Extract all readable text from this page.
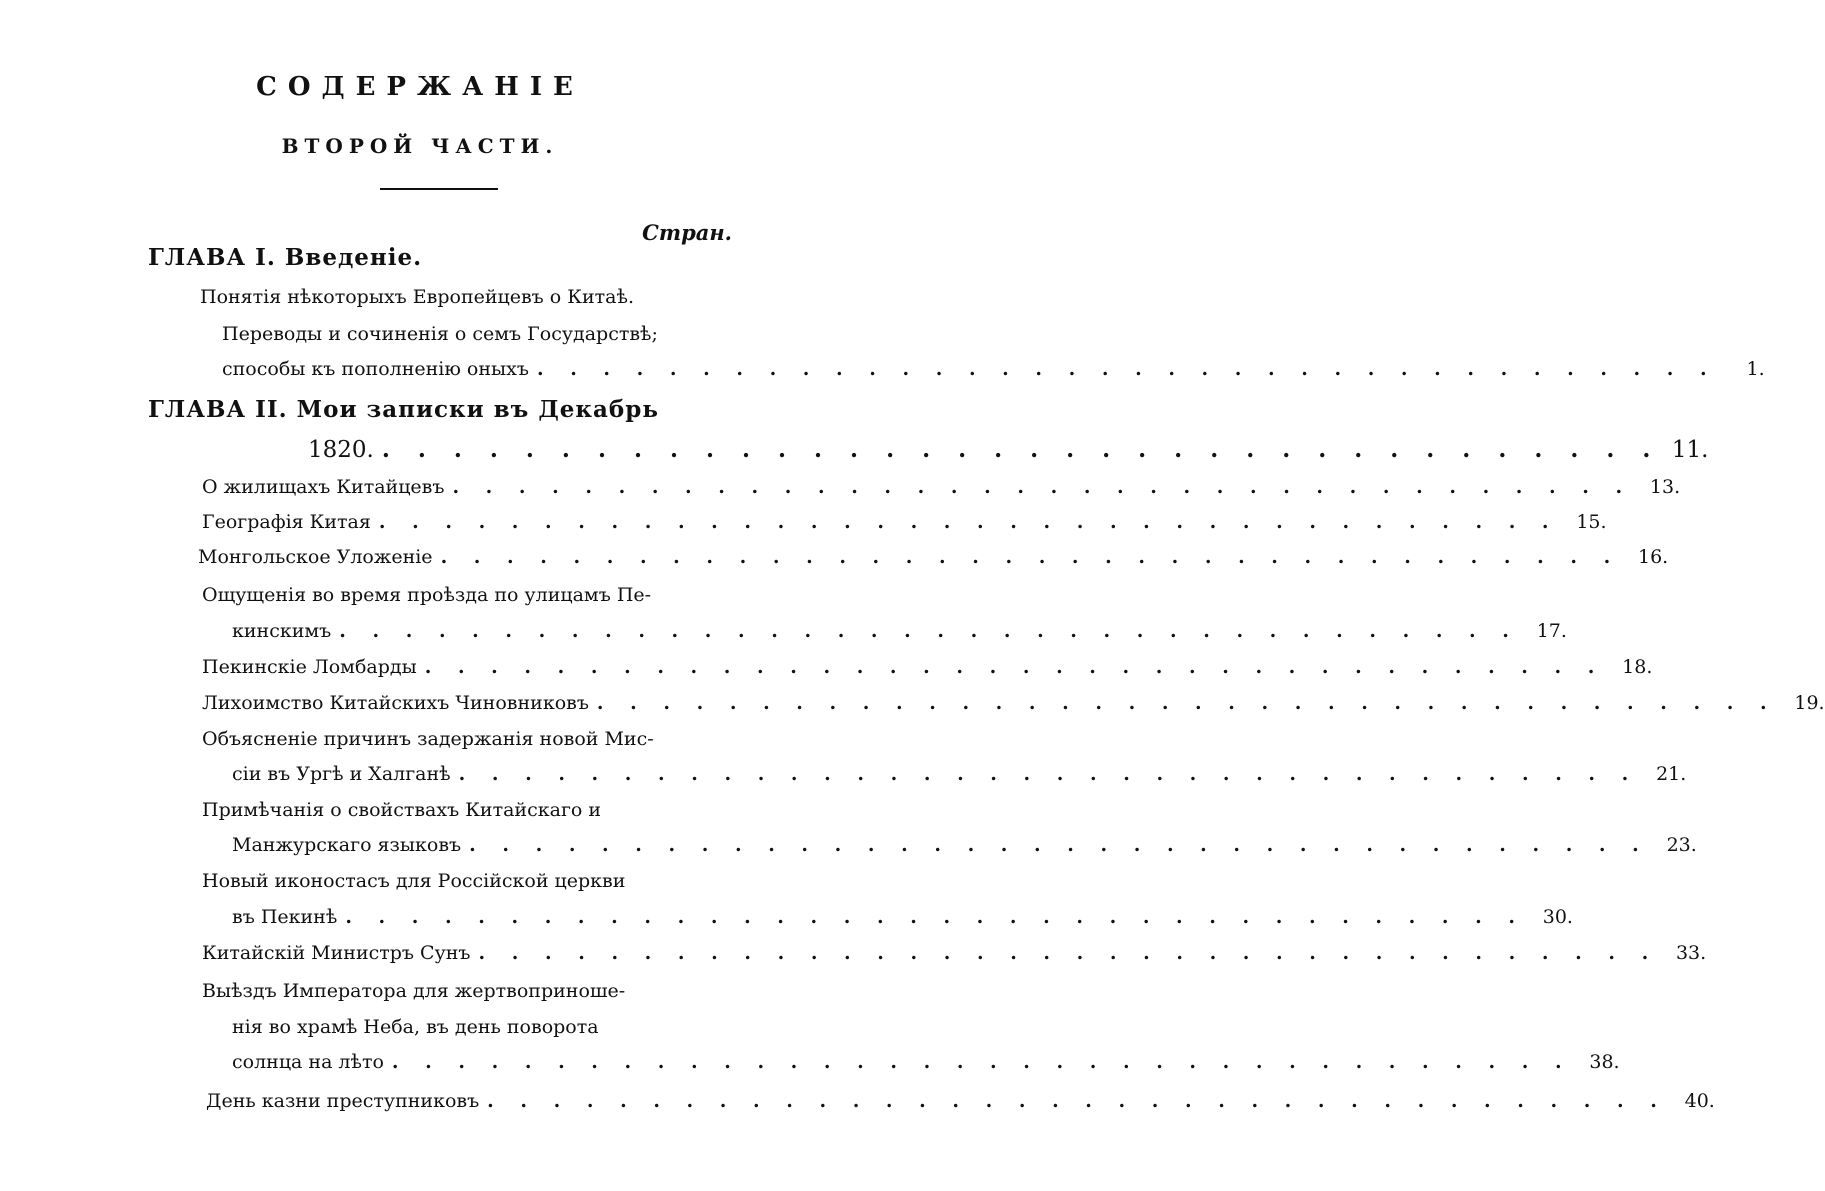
СОДЕРЖАНІЕ
ВТОРОЙ ЧАСТИ.
Стран.
ГЛАВА I. Введеніе.
Понятія нѣкоторыхъ Европейцевъ о Китаѣ.
Переводы и сочиненія о семъ Государствѣ;
способы къ пополненію оныхъ . . . . . . . . . . . . . . . . . . . . . . . . . . . . . . . . . . . .	1.
ГЛАВА II. Мои записки въ Декабрь
1820. . . . . . . . . . . . . . . . . . . . . . . . . . . . . . . . . . . . . 11.
О жилищахъ Китайцевъ . . . . . . . . . . . . . . . . . . . . . . . . . . . . . . . . . . . . 13.
Географія Китая . . . . . . . . . . . . . . . . . . . . . . . . . . . . . . . . . . . . 15.
Монгольское Уложеніе . . . . . . . . . . . . . . . . . . . . . . . . . . . . . . . . . . . . 16.
Ощущенія во время проѣзда по улицамъ Пе-
кинскимъ . . . . . . . . . . . . . . . . . . . . . . . . . . . . . . . . . . . . 17.
Пекинскіе Ломбарды . . . . . . . . . . . . . . . . . . . . . . . . . . . . . . . . . . . . 18.
Лихоимство Китайскихъ Чиновниковъ . . . . . . . . . . . . . . . . . . . . . . . . . . . . . . . . . . . . 19.
Объясненіе причинъ задержанія новой Мис-
сіи въ Ургѣ и Халганѣ . . . . . . . . . . . . . . . . . . . . . . . . . . . . . . . . . . . . 21.
Примѣчанія о свойствахъ Китайскаго и
Манжурскаго языковъ . . . . . . . . . . . . . . . . . . . . . . . . . . . . . . . . . . . . 23.
Новый иконостасъ для Россійской церкви
въ Пекинѣ . . . . . . . . . . . . . . . . . . . . . . . . . . . . . . . . . . . . 30.
Китайскій Министръ Сунъ . . . . . . . . . . . . . . . . . . . . . . . . . . . . . . . . . . . . 33.
Выѣздъ Императора для жертвоприноше-
нія во храмѣ Неба, въ день поворота
солнца на лѣто . . . . . . . . . . . . . . . . . . . . . . . . . . . . . . . . . . . . 38.
День казни преступниковъ . . . . . . . . . . . . . . . . . . . . . . . . . . . . . . . . . . . . 40.
